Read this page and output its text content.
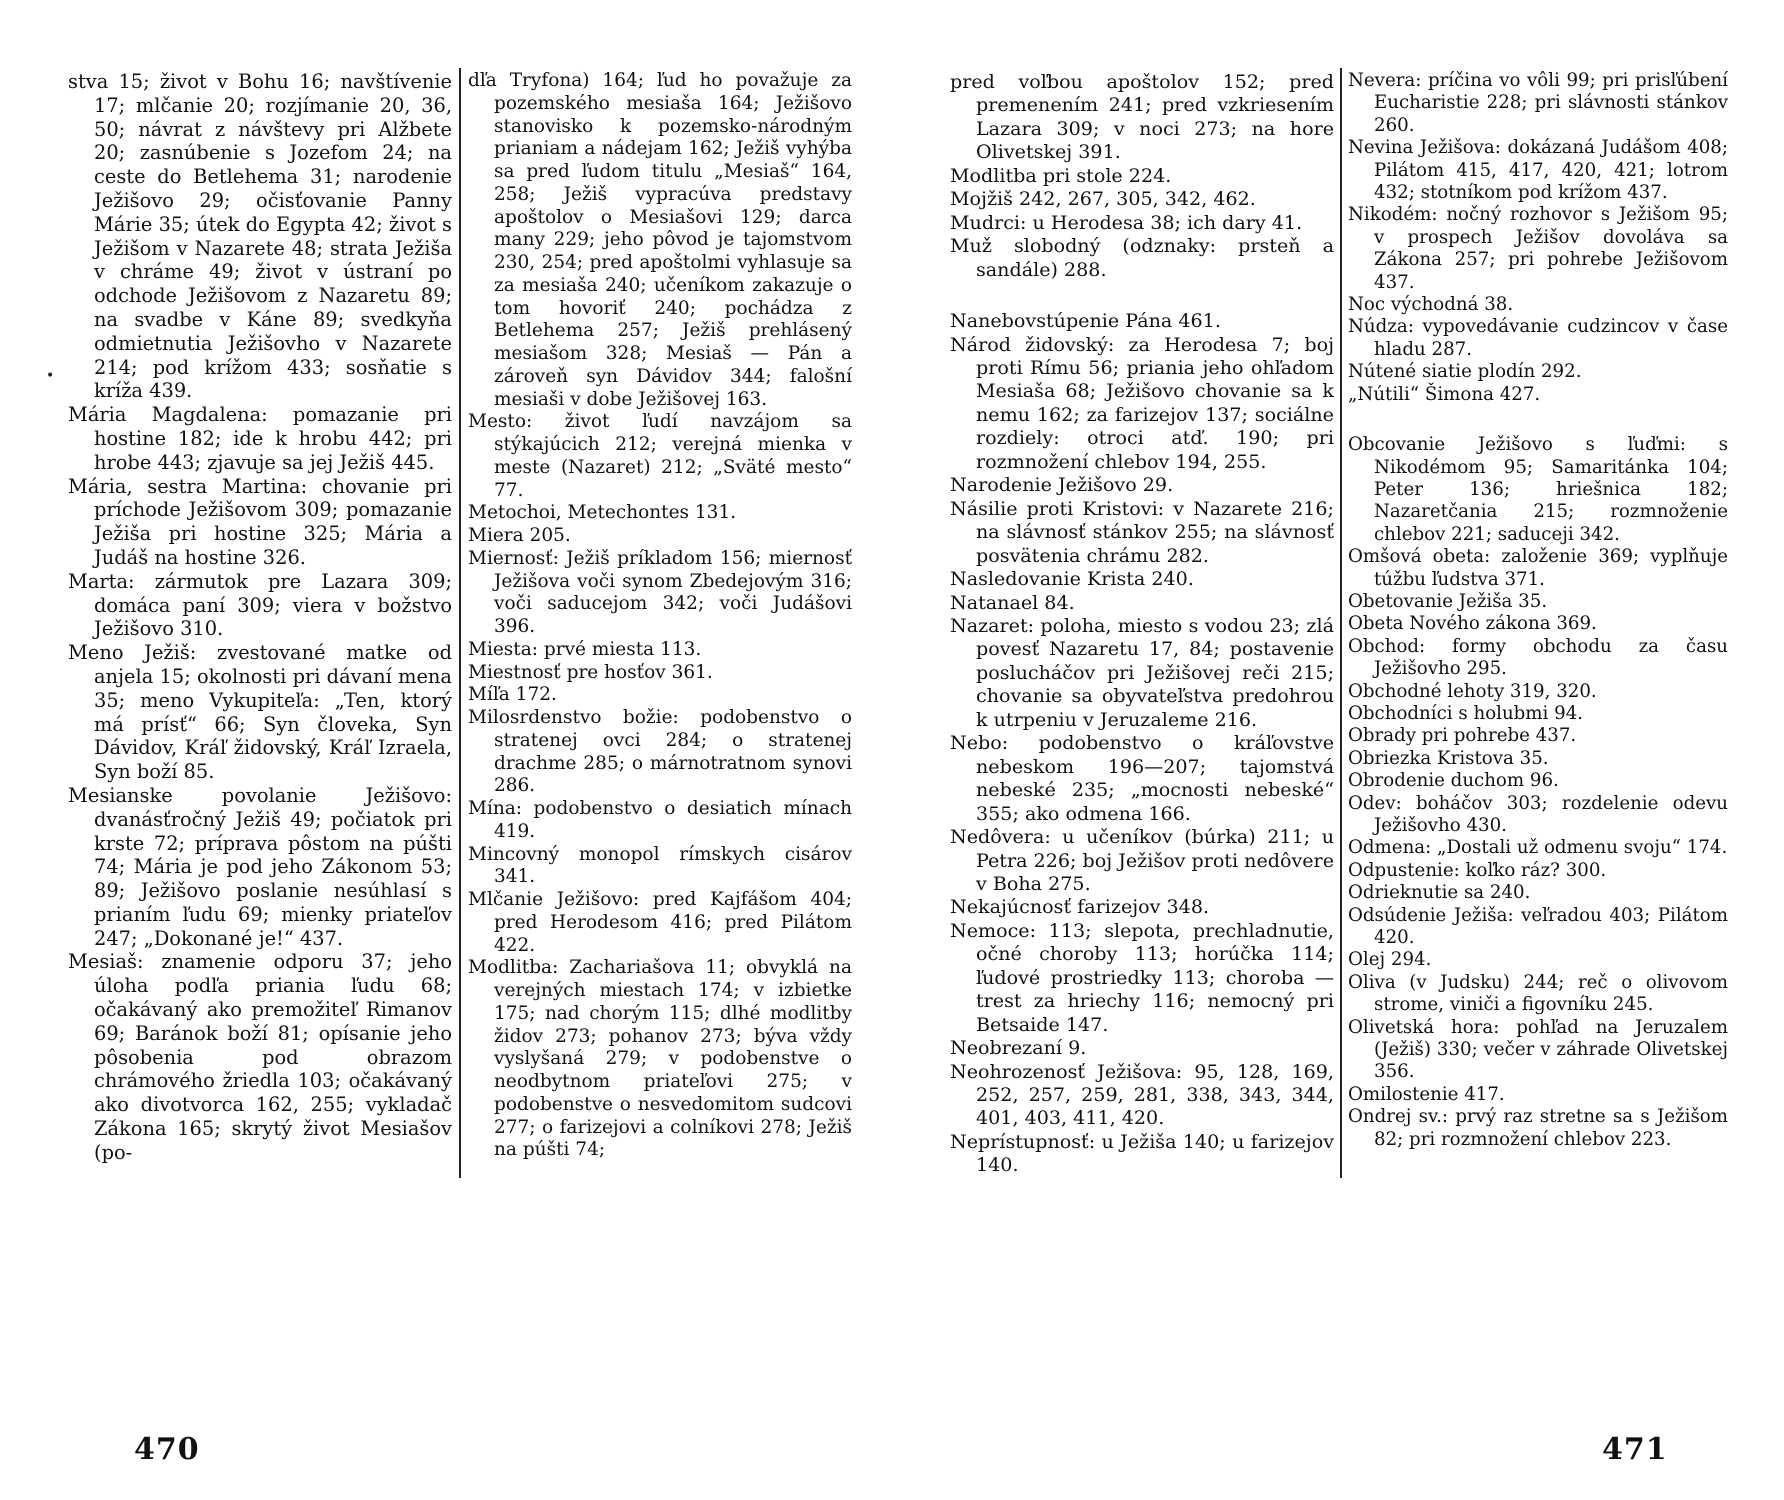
stva 15; život v Bohu 16; navštívenie 17; mlčanie 20; rozjímanie 20, 36, 50; návrat z návštevy pri Alžbete 20; zasnúbenie s Jozefom 24; na ceste do Betlehema 31; narodenie Ježišovo 29; očisťovanie Panny Márie 35; útek do Egypta 42; život s Ježišom v Nazarete 48; strata Ježiša v chráme 49; život v ústraní po odchode Ježišovom z Nazaretu 89; na svadbe v Káne 89; svedkyňa odmietnutia Ježišovho v Nazarete 214; pod krížom 433; sosňatie s kríža 439.

Mária Magdalena: pomazanie pri hostine 182; ide k hrobu 442; pri hrobe 443; zjavuje sa jej Ježiš 445.

Mária, sestra Martina: chovanie pri príchode Ježišovom 309; pomazanie Ježiša pri hostine 325; Mária a Judáš na hostine 326.

Marta: zármutok pre Lazara 309; domáca paní 309; viera v božstvo Ježišovo 310.

Meno Ježiš: zvestované matke od anjela 15; okolnosti pri dávaní mena 35; meno Vykupiteľa: „Ten, ktorý má prísť“ 66; Syn človeka, Syn Dávidov, Kráľ židovský, Kráľ Izraela, Syn boží 85.

Mesianske povolanie Ježišovo: dvanásťročný Ježiš 49; počiatok pri krste 72; príprava pôstom na púšti 74; Mária je pod jeho Zákonom 53; 89; Ježišovo poslanie nesúhlasí s prianím ľudu 69; mienky priateľov 247; „Dokonané je!“ 437.

Mesiaš: znamenie odporu 37; jeho úloha podľa priania ľudu 68; očakávaný ako premožiteľ Rimanov 69; Baránok boží 81; opísanie jeho pôsobenia pod obrazom chrámového žriedla 103; očakávaný ako divotvorca 162, 255; vykladač Zákona 165; skrytý život Mesiašov (po-

dľa Tryfona) 164; ľud ho považuje za pozemského mesiaša 164; Ježišovo stanovisko k pozemsko-národným prianiam a nádejam 162; Ježiš vyhýba sa pred ľudom titulu „Mesiaš“ 164, 258; Ježiš vypracúva predstavy apoštolov o Mesiašovi 129; darca many 229; jeho pôvod je tajomstvom 230, 254; pred apoštolmi vyhlasuje sa za mesiaša 240; učeníkom zakazuje o tom hovoriť 240; pochádza z Betlehema 257; Ježiš prehlásený mesiašom 328; Mesiaš — Pán a zároveň syn Dávidov 344; falošní mesiaši v dobe Ježišovej 163.

Mesto: život ľudí navzájom sa stýkajúcich 212; verejná mienka v meste (Nazaret) 212; „Sväté mesto“ 77.

Metochoi, Metechontes 131.

Miera 205.

Miernosť: Ježiš príkladom 156; miernosť Ježišova voči synom Zbedejovým 316; voči saducejom 342; voči Judášovi 396.

Miesta: prvé miesta 113.

Miestnosť pre hosťov 361.

Míľa 172.

Milosrdenstvo božie: podobenstvo o stratenej ovci 284; o stratenej drachme 285; o márnotratnom synovi 286.

Mína: podobenstvo o desiatich mínach 419.

Mincovný monopol rímskych cisárov 341.

Mlčanie Ježišovo: pred Kajfášom 404; pred Herodesom 416; pred Pilátom 422.

Modlitba: Zachariašova 11; obvyklá na verejných miestach 174; v izbietke 175; nad chorým 115; dlhé modlitby židov 273; pohanov 273; býva vždy vyslyšaná 279; v podobenstve o neodbytnom priateľovi 275; v podobenstve o nesvedomitom sudcovi 277; o farizejovi a colníkovi 278; Ježiš na púšti 74;

pred voľbou apoštolov 152; pred premenením 241; pred vzkriesením Lazara 309; v noci 273; na hore Olivetskej 391.

Modlitba pri stole 224.

Mojžiš 242, 267, 305, 342, 462.

Mudrci: u Herodesa 38; ich dary 41.

Muž slobodný (odznaky: prsteň a sandále) 288.

Nanebovstúpenie Pána 461.

Národ židovský: za Herodesa 7; boj proti Rímu 56; priania jeho ohľadom Mesiaša 68; Ježišovo chovanie sa k nemu 162; za farizejov 137; sociálne rozdiely: otroci atď. 190; pri rozmnožení chlebov 194, 255.

Narodenie Ježišovo 29.

Násilie proti Kristovi: v Nazarete 216; na slávnosť stánkov 255; na slávnosť posvätenia chrámu 282.

Nasledovanie Krista 240.

Natanael 84.

Nazaret: poloha, miesto s vodou 23; zlá povesť Nazaretu 17, 84; postavenie poslucháčov pri Ježišovej reči 215; chovanie sa obyvateľstva predohrou k utrpeniu v Jeruzaleme 216.

Nebo: podobenstvo o kráľovstve nebeskom 196—207; tajomstvá nebeské 235; „mocnosti nebeské“ 355; ako odmena 166.

Nedôvera: u učeníkov (búrka) 211; u Petra 226; boj Ježišov proti nedôvere v Boha 275.

Nekajúcnosť farizejov 348.

Nemoce: 113; slepota, prechladnutie, očné choroby 113; horúčka 114; ľudové prostriedky 113; choroba — trest za hriechy 116; nemocný pri Betsaide 147.

Neobrezaní 9.

Neohrozenosť Ježišova: 95, 128, 169, 252, 257, 259, 281, 338, 343, 344, 401, 403, 411, 420.

Neprístupnosť: u Ježiša 140; u farizejov 140.

Nevera: príčina vo vôli 99; pri prisľúbení Eucharistie 228; pri slávnosti stánkov 260.

Nevina Ježišova: dokázaná Judášom 408; Pilátom 415, 417, 420, 421; lotrom 432; stotníkom pod krížom 437.

Nikodém: nočný rozhovor s Ježišom 95; v prospech Ježišov dovoláva sa Zákona 257; pri pohrebe Ježišovom 437.

Noc východná 38.

Núdza: vypovedávanie cudzincov v čase hladu 287.

Nútené siatie plodín 292.

„Nútili“ Šimona 427.

Obcovanie Ježišovo s ľuďmi: s Nikodémom 95; Samaritánka 104; Peter 136; hriešnica 182; Nazaretčania 215; rozmnoženie chlebov 221; saduceji 342.

Omšová obeta: založenie 369; vyplňuje túžbu ľudstva 371.

Obetovanie Ježiša 35.

Obeta Nového zákona 369.

Obchod: formy obchodu za času Ježišovho 295.

Obchodné lehoty 319, 320.

Obchodníci s holubmi 94.

Obrady pri pohrebe 437.

Obriezka Kristova 35.

Obrodenie duchom 96.

Odev: boháčov 303; rozdelenie odevu Ježišovho 430.

Odmena: „Dostali už odmenu svoju“ 174.

Odpustenie: koľko ráz? 300.

Odrieknutie sa 240.

Odsúdenie Ježiša: veľradou 403; Pilátom 420.

Olej 294.

Oliva (v Judsku) 244; reč o olivovom strome, viniči a figovníku 245.

Olivetská hora: pohľad na Jeruzalem (Ježiš) 330; večer v záhrade Olivetskej 356.

Omilostenie 417.

Ondrej sv.: prvý raz stretne sa s Ježišom 82; pri rozmnožení chlebov 223.

•
470	471
